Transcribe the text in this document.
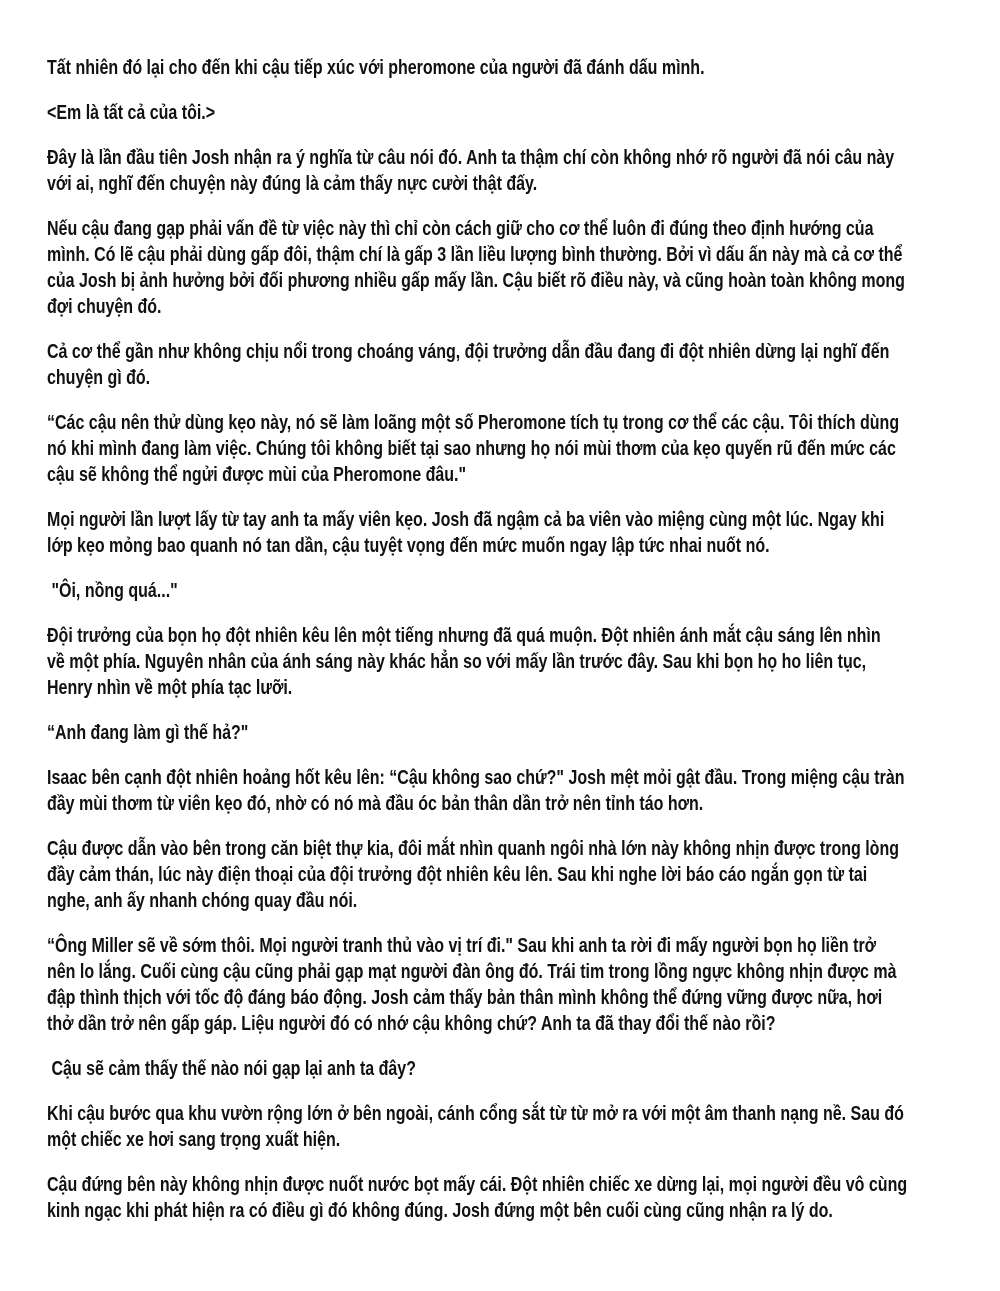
Tất nhiên đó lại cho đến khi cậu tiếp xúc với pheromone của người đã đánh dấu mình.
<Em là tất cả của tôi.>
Đây là lần đầu tiên Josh nhận ra ý nghĩa từ câu nói đó. Anh ta thậm chí còn không nhớ rõ người đã nói câu này
với ai, nghĩ đến chuyện này đúng là cảm thấy nực cười thật đấy.
Nếu cậu đang gạp phải vấn đề từ việc này thì chỉ còn cách giữ cho cơ thể luôn đi đúng theo định hướng của
mình. Có lẽ cậu phải dùng gấp đôi, thậm chí là gấp 3 lần liều lượng bình thường. Bởi vì dấu ấn này mà cả cơ thể
của Josh bị ảnh hưởng bởi đối phương nhiều gấp mấy lần. Cậu biết rõ điều này, và cũng hoàn toàn không mong
đợi chuyện đó.
Cả cơ thể gần như không chịu nổi trong choáng váng, đội trưởng dẫn đầu đang đi đột nhiên dừng lại nghĩ đến
chuyện gì đó.
“Các cậu nên thử dùng kẹo này, nó sẽ làm loãng một số Pheromone tích tụ trong cơ thể các cậu. Tôi thích dùng
nó khi mình đang làm việc. Chúng tôi không biết tại sao nhưng họ nói mùi thơm của kẹo quyến rũ đến mức các
cậu sẽ không thể ngửi được mùi của Pheromone đâu."
Mọi người lần lượt lấy từ tay anh ta mấy viên kẹo. Josh đã ngậm cả ba viên vào miệng cùng một lúc. Ngay khi
lớp kẹo mỏng bao quanh nó tan dần, cậu tuyệt vọng đến mức muốn ngay lập tức nhai nuốt nó.
"Ôi, nồng quá..."
Đội trưởng của bọn họ đột nhiên kêu lên một tiếng nhưng đã quá muộn. Đột nhiên ánh mắt cậu sáng lên nhìn
về một phía. Nguyên nhân của ánh sáng này khác hẳn so với mấy lần trước đây. Sau khi bọn họ ho liên tục,
Henry nhìn về một phía tạc lưỡi.
“Anh đang làm gì thế hả?"
Isaac bên cạnh đột nhiên hoảng hốt kêu lên: “Cậu không sao chứ?" Josh mệt mỏi gật đầu. Trong miệng cậu tràn
đầy mùi thơm từ viên kẹo đó, nhờ có nó mà đầu óc bản thân dần trở nên tỉnh táo hơn.
Cậu được dẫn vào bên trong căn biệt thự kia, đôi mắt nhìn quanh ngôi nhà lớn này không nhịn được trong lòng
đầy cảm thán, lúc này điện thoại của đội trưởng đột nhiên kêu lên. Sau khi nghe lời báo cáo ngắn gọn từ tai
nghe, anh ấy nhanh chóng quay đầu nói.
“Ông Miller sẽ về sớm thôi. Mọi người tranh thủ vào vị trí đi." Sau khi anh ta rời đi mấy người bọn họ liền trở
nên lo lắng. Cuối cùng cậu cũng phải gạp mạt người đàn ông đó. Trái tim trong lồng ngực không nhịn được mà
đập thình thịch với tốc độ đáng báo động. Josh cảm thấy bản thân mình không thể đứng vững được nữa, hơi
thở dần trở nên gấp gáp. Liệu người đó có nhớ cậu không chứ? Anh ta đã thay đổi thế nào rồi?
Cậu sẽ cảm thấy thế nào nói gạp lại anh ta đây?
Khi cậu bước qua khu vườn rộng lớn ở bên ngoài, cánh cổng sắt từ từ mở ra với một âm thanh nạng nề. Sau đó
một chiếc xe hơi sang trọng xuất hiện.
Cậu đứng bên này không nhịn được nuốt nước bọt mấy cái. Đột nhiên chiếc xe dừng lại, mọi người đều vô cùng
kinh ngạc khi phát hiện ra có điều gì đó không đúng. Josh đứng một bên cuối cùng cũng nhận ra lý do.
